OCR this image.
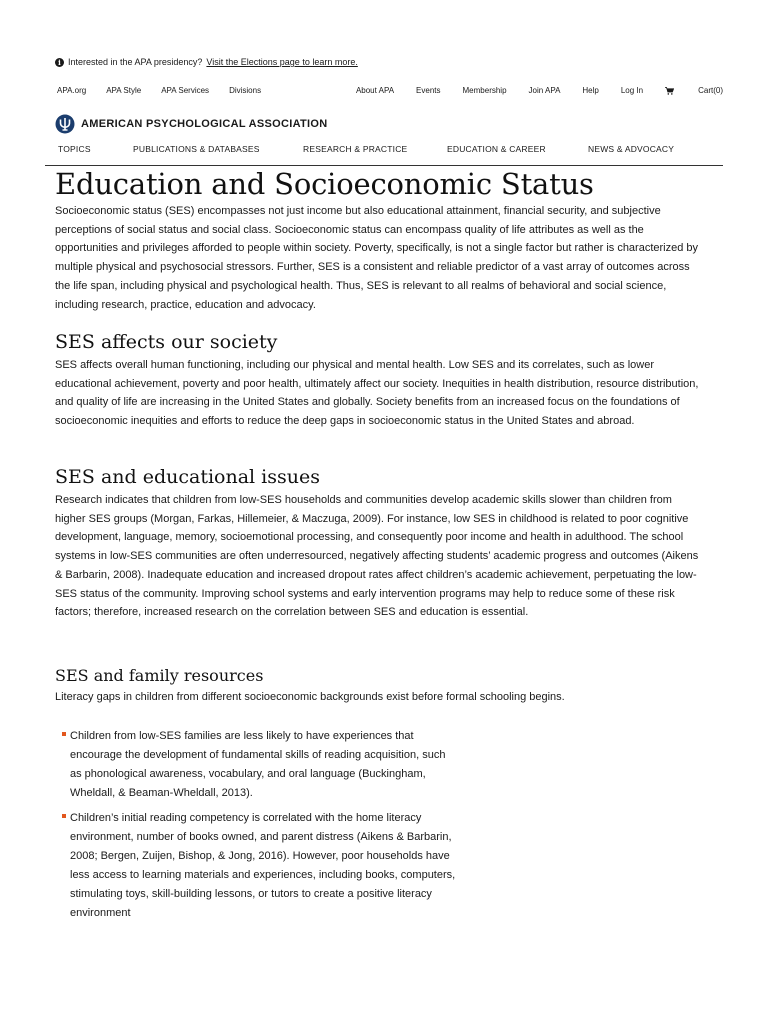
i Interested in the APA presidency? Visit the Elections page to learn more.
APA.org	APA Style	APA Services	Divisions	About APA	Events	Membership	Join APA	Help	Log In	Cart(0)
AMERICAN PSYCHOLOGICAL ASSOCIATION
TOPICS	PUBLICATIONS & DATABASES	RESEARCH & PRACTICE	EDUCATION & CAREER	NEWS & ADVOCACY
Education and Socioeconomic Status

Socioeconomic status (SES) encompasses not just income but also educational attainment, financial security, and subjective perceptions of social status and social class. Socioeconomic status can encompass quality of life attributes as well as the opportunities and privileges afforded to people within society. Poverty, specifically, is not a single factor but rather is characterized by multiple physical and psychosocial stressors. Further, SES is a consistent and reliable predictor of a vast array of outcomes across the life span, including physical and psychological health. Thus, SES is relevant to all realms of behavioral and social science, including research, practice, education and advocacy.

SES affects our society

SES affects overall human functioning, including our physical and mental health. Low SES and its correlates, such as lower educational achievement, poverty and poor health, ultimately affect our society. Inequities in health distribution, resource distribution, and quality of life are increasing in the United States and globally. Society benefits from an increased focus on the foundations of socioeconomic inequities and efforts to reduce the deep gaps in socioeconomic status in the United States and abroad.

SES and educational issues

Research indicates that children from low-SES households and communities develop academic skills slower than children from higher SES groups (Morgan, Farkas, Hillemeier, & Maczuga, 2009). For instance, low SES in childhood is related to poor cognitive development, language, memory, socioemotional processing, and consequently poor income and health in adulthood. The school systems in low-SES communities are often underresourced, negatively affecting students’ academic progress and outcomes (Aikens & Barbarin, 2008). Inadequate education and increased dropout rates affect children’s academic achievement, perpetuating the low-SES status of the community. Improving school systems and early intervention programs may help to reduce some of these risk factors; therefore, increased research on the correlation between SES and education is essential.

SES and family resources

Literacy gaps in children from different socioeconomic backgrounds exist before formal schooling begins.

Children from low-SES families are less likely to have experiences that encourage the development of fundamental skills of reading acquisition, such as phonological awareness, vocabulary, and oral language (Buckingham, Wheldall, & Beaman-Wheldall, 2013).
Children’s initial reading competency is correlated with the home literacy environment, number of books owned, and parent distress (Aikens & Barbarin, 2008; Bergen, Zuijen, Bishop, & Jong, 2016). However, poor households have less access to learning materials and experiences, including books, computers, stimulating toys, skill-building lessons, or tutors to create a positive literacy environment
